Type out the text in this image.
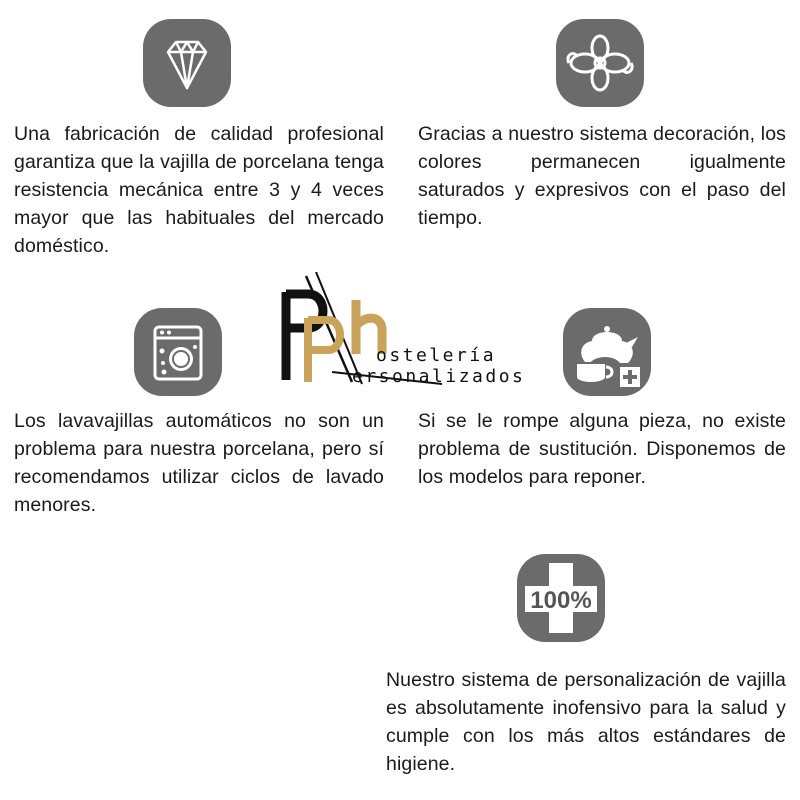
100%
ostelería
ersonalizados
Una fabricación de calidad profesional garantiza que la vajilla de porcelana tenga resistencia mecánica entre 3 y 4 veces mayor que las habituales del mercado doméstico.
Gracias a nuestro sistema decoración, los colores permanecen igualmente saturados y expresivos con el paso del tiempo.
Los lavavajillas automáticos no son un problema para nuestra porcelana, pero sí recomendamos utilizar ciclos de lavado menores.
Si se le rompe alguna pieza, no existe problema de sustitución. Disponemos de los modelos para reponer.
Nuestro sistema de personalización de vajilla es absolutamente inofensivo para la salud y cumple con los más altos estándares de higiene.
